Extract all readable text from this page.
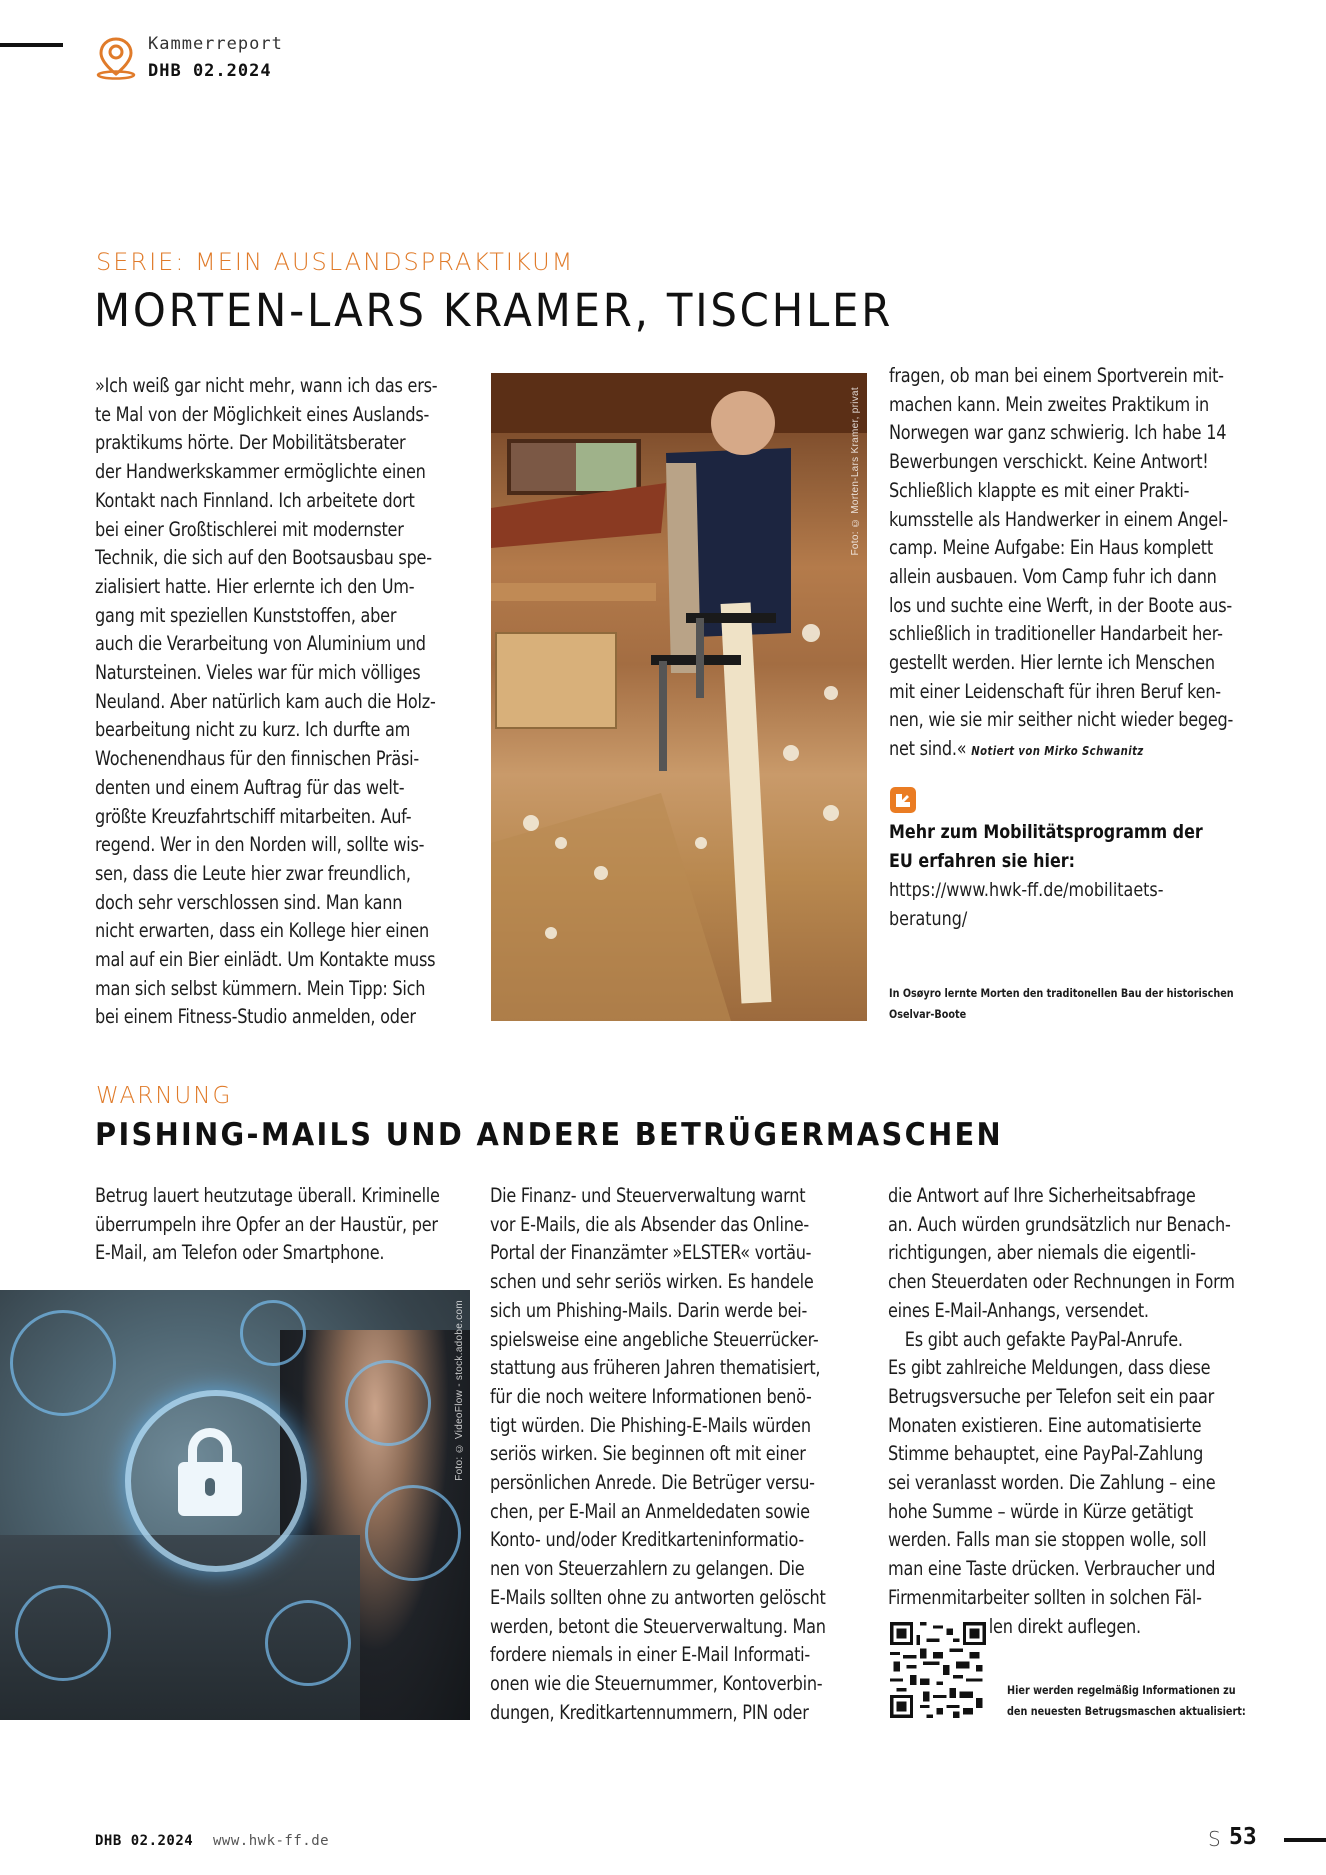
Kammerreport
DHB 02.2024
SERIE: MEIN AUSLANDSPRAKTIKUM
MORTEN-LARS KRAMER, TISCHLER
»Ich weiß gar nicht mehr, wann ich das ers-
te Mal von der Möglichkeit eines Auslands-
praktikums hörte. Der Mobilitätsberater
der Handwerkskammer ermöglichte einen
Kontakt nach Finnland. Ich arbeitete dort
bei einer Großtischlerei mit modernster
Technik, die sich auf den Bootsausbau spe-
zialisiert hatte. Hier erlernte ich den Um-
gang mit speziellen Kunststoffen, aber
auch die Verarbeitung von Aluminium und
Natursteinen. Vieles war für mich völliges
Neuland. Aber natürlich kam auch die Holz-
bearbeitung nicht zu kurz. Ich durfte am
Wochenendhaus für den finnischen Präsi-
denten und einem Auftrag für das welt-
größte Kreuzfahrtschiff mitarbeiten. Auf-
regend. Wer in den Norden will, sollte wis-
sen, dass die Leute hier zwar freundlich,
doch sehr verschlossen sind. Man kann
nicht erwarten, dass ein Kollege hier einen
mal auf ein Bier einlädt. Um Kontakte muss
man sich selbst kümmern. Mein Tipp: Sich
bei einem Fitness-Studio anmelden, oder
Foto: © Morten-Lars Kramer, privat
fragen, ob man bei einem Sportverein mit-
machen kann. Mein zweites Praktikum in
Norwegen war ganz schwierig. Ich habe 14
Bewerbungen verschickt. Keine Antwort!
Schließlich klappte es mit einer Prakti-
kumsstelle als Handwerker in einem Angel-
camp. Meine Aufgabe: Ein Haus komplett
allein ausbauen. Vom Camp fuhr ich dann
los und suchte eine Werft, in der Boote aus-
schließlich in traditioneller Handarbeit her-
gestellt werden. Hier lernte ich Menschen
mit einer Leidenschaft für ihren Beruf ken-
nen, wie sie mir seither nicht wieder begeg-
net sind.« Notiert von Mirko Schwanitz
Mehr zum Mobilitätsprogramm der
EU erfahren sie hier:
https://www.hwk-ff.de/mobilitaets-
beratung/
In Osøyro lernte Morten den traditonellen Bau der historischen
Oselvar-Boote
WARNUNG
PISHING-MAILS UND ANDERE BETRÜGERMASCHEN
Betrug lauert heutzutage überall. Kriminelle
überrumpeln ihre Opfer an der Haustür, per
E-Mail, am Telefon oder Smartphone.
Foto: © VideoFlow - stock.adobe.com
Die Finanz- und Steuerverwaltung warnt
vor E-Mails, die als Absender das Online-
Portal der Finanzämter »ELSTER« vortäu-
schen und sehr seriös wirken. Es handele
sich um Phishing-Mails. Darin werde bei-
spielsweise eine angebliche Steuerrücker-
stattung aus früheren Jahren thematisiert,
für die noch weitere Informationen benö-
tigt würden. Die Phishing-E-Mails würden
seriös wirken. Sie beginnen oft mit einer
persönlichen Anrede. Die Betrüger versu-
chen, per E-Mail an Anmeldedaten sowie
Konto- und/oder Kreditkarteninformatio-
nen von Steuerzahlern zu gelangen. Die
E-Mails sollten ohne zu antworten gelöscht
werden, betont die Steuerverwaltung. Man
fordere niemals in einer E-Mail Informati-
onen wie die Steuernummer, Kontoverbin-
dungen, Kreditkartennummern, PIN oder
die Antwort auf Ihre Sicherheitsabfrage
an. Auch würden grundsätzlich nur Benach-
richtigungen, aber niemals die eigentli-
chen Steuerdaten oder Rechnungen in Form
eines E-Mail-Anhangs, versendet.
Es gibt auch gefakte PayPal-Anrufe.
Es gibt zahlreiche Meldungen, dass diese
Betrugsversuche per Telefon seit ein paar
Monaten existieren. Eine automatisierte
Stimme behauptet, eine PayPal-Zahlung
sei veranlasst worden. Die Zahlung – eine
hohe Summe – würde in Kürze getätigt
werden. Falls man sie stoppen wolle, soll
man eine Taste drücken. Verbraucher und
Firmenmitarbeiter sollten in solchen Fäl-
len direkt auflegen.
Hier werden regelmäßig Informationen zu
den neuesten Betrugsmaschen aktualisiert:
DHB 02.2024 www.hwk-ff.de	S 53
